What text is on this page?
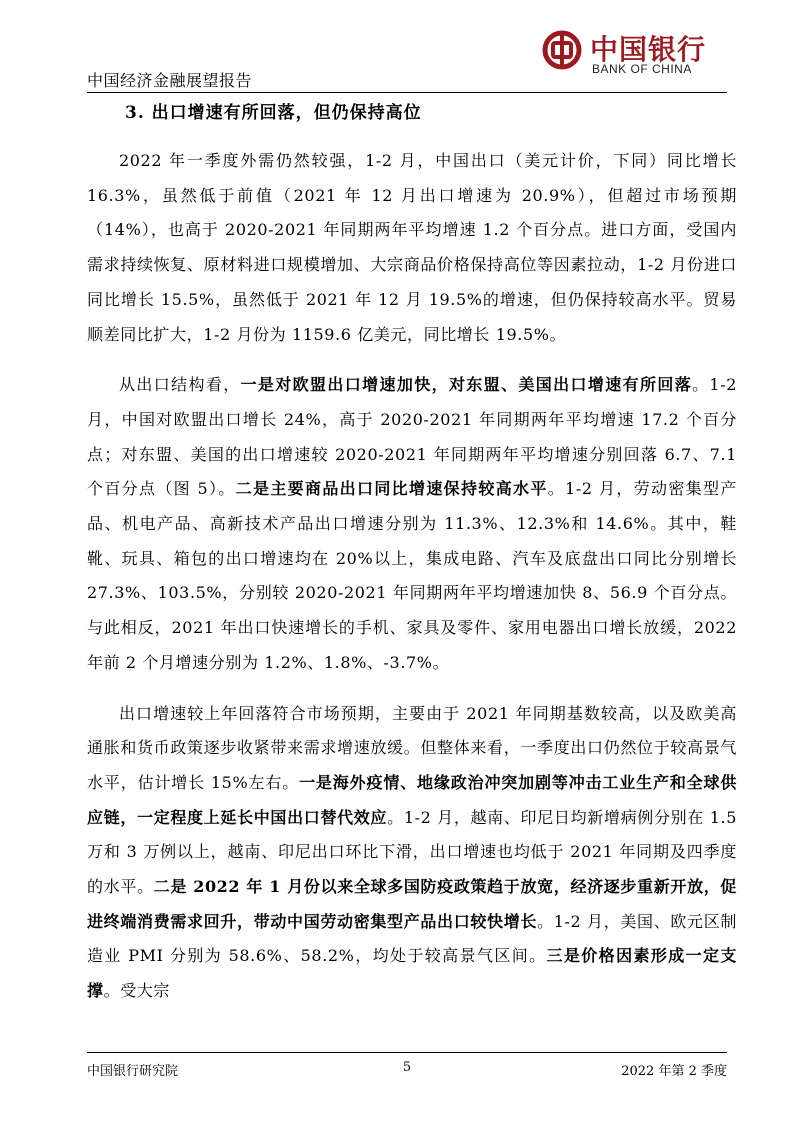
中国经济金融展望报告
中国银行
BANK OF CHINA
3. 出口增速有所回落，但仍保持高位

2022 年一季度外需仍然较强，1-2 月，中国出口（美元计价，下同）同比增长 16.3%，虽然低于前值（2021 年 12 月出口增速为 20.9%），但超过市场预期（14%），也高于 2020-2021 年同期两年平均增速 1.2 个百分点。进口方面，受国内需求持续恢复、原材料进口规模增加、大宗商品价格保持高位等因素拉动，1-2 月份进口同比增长 15.5%，虽然低于 2021 年 12 月 19.5%的增速，但仍保持较高水平。贸易顺差同比扩大，1-2 月份为 1159.6 亿美元，同比增长 19.5%。

从出口结构看，一是对欧盟出口增速加快，对东盟、美国出口增速有所回落。1-2 月，中国对欧盟出口增长 24%，高于 2020-2021 年同期两年平均增速 17.2 个百分点；对东盟、美国的出口增速较 2020-2021 年同期两年平均增速分别回落 6.7、7.1 个百分点（图 5）。二是主要商品出口同比增速保持较高水平。1-2 月，劳动密集型产品、机电产品、高新技术产品出口增速分别为 11.3%、12.3%和 14.6%。其中，鞋靴、玩具、箱包的出口增速均在 20%以上，集成电路、汽车及底盘出口同比分别增长 27.3%、103.5%，分别较 2020-2021 年同期两年平均增速加快 8、56.9 个百分点。与此相反，2021 年出口快速增长的手机、家具及零件、家用电器出口增长放缓，2022 年前 2 个月增速分别为 1.2%、1.8%、-3.7%。

出口增速较上年回落符合市场预期，主要由于 2021 年同期基数较高，以及欧美高通胀和货币政策逐步收紧带来需求增速放缓。但整体来看，一季度出口仍然位于较高景气水平，估计增长 15%左右。一是海外疫情、地缘政治冲突加剧等冲击工业生产和全球供应链，一定程度上延长中国出口替代效应。1-2 月，越南、印尼日均新增病例分别在 1.5 万和 3 万例以上，越南、印尼出口环比下滑，出口增速也均低于 2021 年同期及四季度的水平。二是 2022 年 1 月份以来全球多国防疫政策趋于放宽，经济逐步重新开放，促进终端消费需求回升，带动中国劳动密集型产品出口较快增长。1-2 月，美国、欧元区制造业 PMI 分别为 58.6%、58.2%，均处于较高景气区间。三是价格因素形成一定支撑。受大宗

中国银行研究院	5	2022 年第 2 季度
